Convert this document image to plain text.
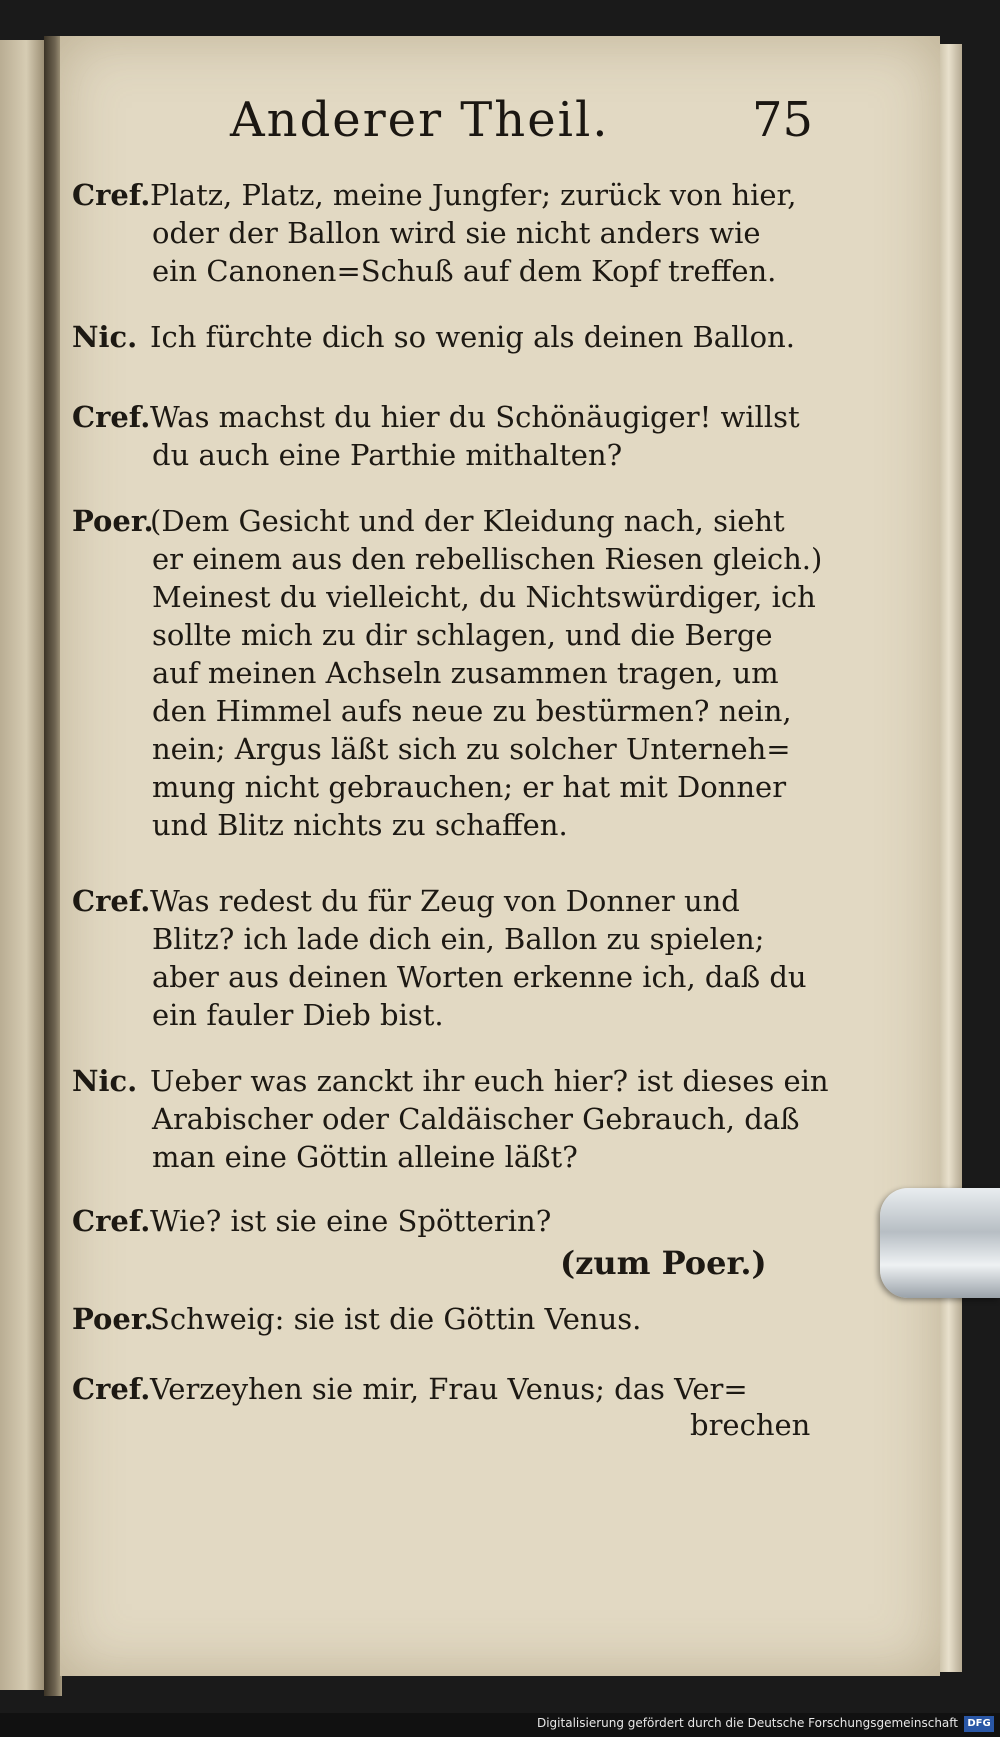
Anderer Theil.	75
Cref. Platz, Platz, meine Jungfer; zurück von hier,
oder der Ballon wird sie nicht anders wie
ein Canonen=Schuß auf dem Kopf treffen.
Nic. Ich fürchte dich so wenig als deinen Ballon.
Cref. Was machst du hier du Schönäugiger! willst
du auch eine Parthie mithalten?
Poer.
(Dem Gesicht und der Kleidung nach, sieht
er einem aus den rebellischen Riesen gleich.)
Meinest du vielleicht, du Nichtswürdiger, ich
sollte mich zu dir schlagen, und die Berge
auf meinen Achseln zusammen tragen, um
den Himmel aufs neue zu bestürmen? nein,
nein; Argus läßt sich zu solcher Unterneh=
mung nicht gebrauchen; er hat mit Donner
und Blitz nichts zu schaffen.
Cref. Was redest du für Zeug von Donner und
Blitz? ich lade dich ein, Ballon zu spielen;
aber aus deinen Worten erkenne ich, daß du
ein fauler Dieb bist.
Nic. Ueber was zanckt ihr euch hier? ist dieses ein
Arabischer oder Caldäischer Gebrauch, daß
man eine Göttin alleine läßt?
Cref. Wie? ist sie eine Spötterin?
(zum Poer.)
Poer.
Schweig: sie ist die Göttin Venus.
Cref. Verzeyhen sie mir, Frau Venus; das Ver=
brechen
Digitalisierung gefördert durch die Deutsche Forschungsgemeinschaft DFG
